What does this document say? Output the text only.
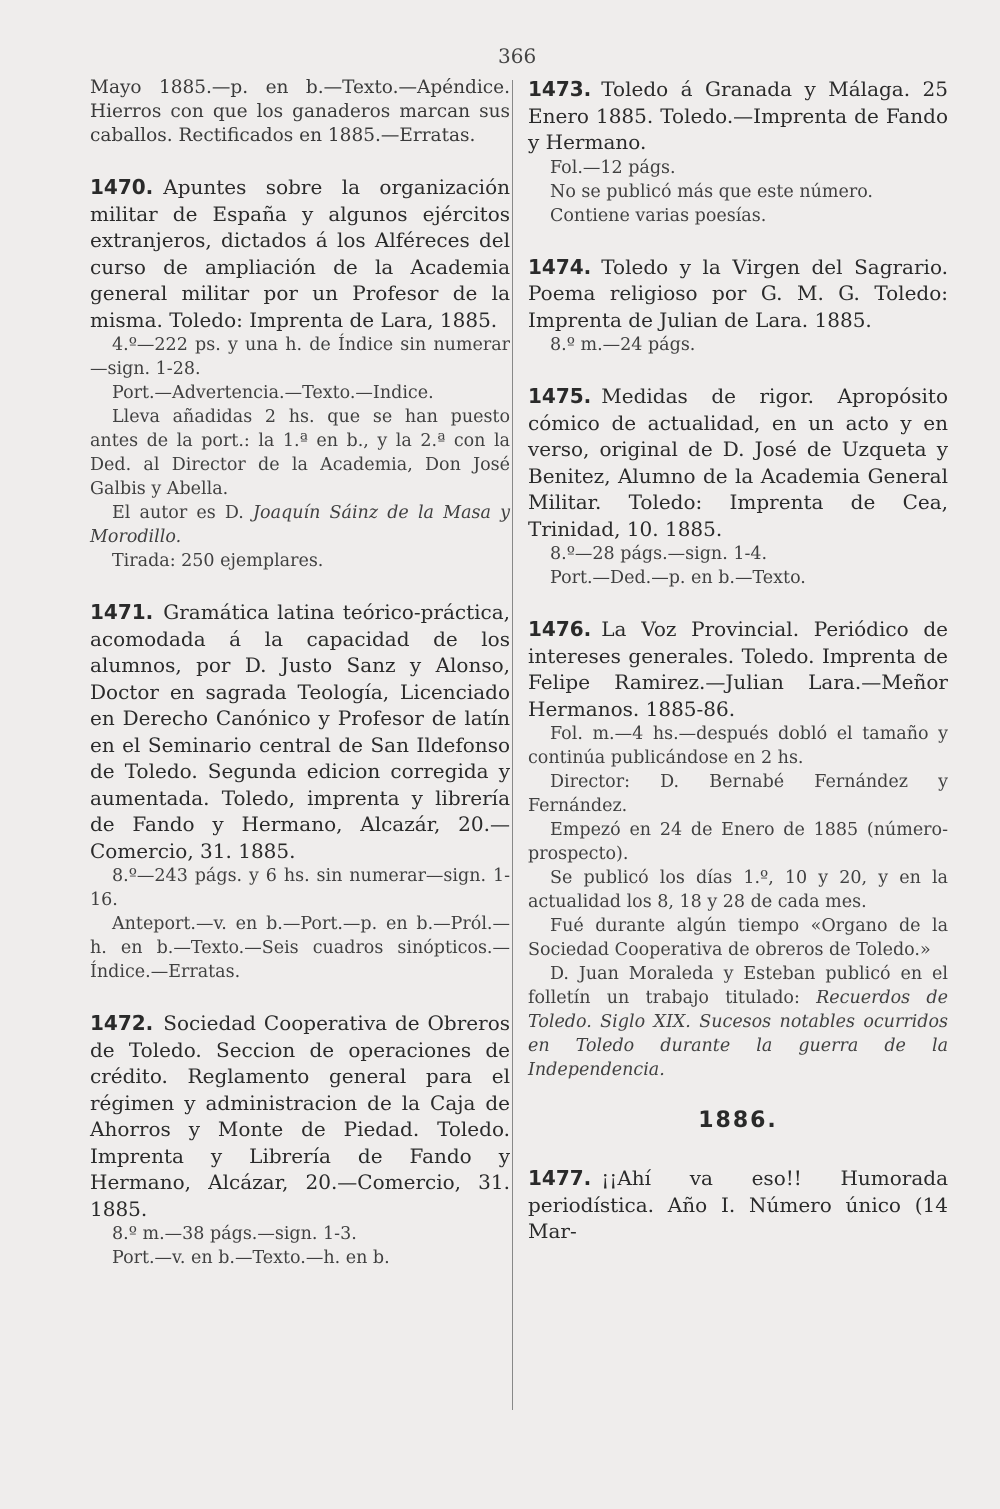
366

Mayo 1885.—p. en b.—Texto.—Apéndice. Hierros con que los ganaderos marcan sus caballos. Rectificados en 1885.—Erratas.

1470. Apuntes sobre la organización militar de España y algunos ejércitos extranjeros, dictados á los Alféreces del curso de ampliación de la Academia general militar por un Profesor de la misma. Toledo: Imprenta de Lara, 1885.

4.º—222 ps. y una h. de Índice sin numerar—sign. 1-28.

Port.—Advertencia.—Texto.—Indice.

Lleva añadidas 2 hs. que se han puesto antes de la port.: la 1.ª en b., y la 2.ª con la Ded. al Director de la Academia, Don José Galbis y Abella.

El autor es D. Joaquín Sáinz de la Masa y Morodillo.

Tirada: 250 ejemplares.

1471. Gramática latina teórico-práctica, acomodada á la capacidad de los alumnos, por D. Justo Sanz y Alonso, Doctor en sagrada Teología, Licenciado en Derecho Canónico y Profesor de latín en el Seminario central de San Ildefonso de Toledo. Segunda edicion corregida y aumentada. Toledo, imprenta y librería de Fando y Hermano, Alcazár, 20.—Comercio, 31. 1885.

8.º—243 págs. y 6 hs. sin numerar—sign. 1-16.

Anteport.—v. en b.—Port.—p. en b.—Pról.—h. en b.—Texto.—Seis cuadros sinópticos.—Índice.—Erratas.

1472. Sociedad Cooperativa de Obreros de Toledo. Seccion de operaciones de crédito. Reglamento general para el régimen y administracion de la Caja de Ahorros y Monte de Piedad. Toledo. Imprenta y Librería de Fando y Hermano, Alcázar, 20.—Comercio, 31. 1885.

8.º m.—38 págs.—sign. 1-3.

Port.—v. en b.—Texto.—h. en b.

1473. Toledo á Granada y Málaga. 25 Enero 1885. Toledo.—Imprenta de Fando y Hermano.

Fol.—12 págs.

No se publicó más que este número.

Contiene varias poesías.

1474. Toledo y la Virgen del Sagrario. Poema religioso por G. M. G. Toledo: Imprenta de Julian de Lara. 1885.

8.º m.—24 págs.

1475. Medidas de rigor. Apropósito cómico de actualidad, en un acto y en verso, original de D. José de Uzqueta y Benitez, Alumno de la Academia General Militar. Toledo: Imprenta de Cea, Trinidad, 10. 1885.

8.º—28 págs.—sign. 1-4.

Port.—Ded.—p. en b.—Texto.

1476. La Voz Provincial. Periódico de intereses generales. Toledo. Imprenta de Felipe Ramirez.—Julian Lara.—Meñor Hermanos. 1885-86.

Fol. m.—4 hs.—después dobló el tamaño y continúa publicándose en 2 hs.

Director: D. Bernabé Fernández y Fernández.

Empezó en 24 de Enero de 1885 (número-prospecto).

Se publicó los días 1.º, 10 y 20, y en la actualidad los 8, 18 y 28 de cada mes.

Fué durante algún tiempo «Organo de la Sociedad Cooperativa de obreros de Toledo.»

D. Juan Moraleda y Esteban publicó en el folletín un trabajo titulado: Recuerdos de Toledo. Siglo XIX. Sucesos notables ocurridos en Toledo durante la guerra de la Independencia.

1886.

1477. ¡¡Ahí va eso!! Humorada periodística. Año I. Número único (14 Mar-
